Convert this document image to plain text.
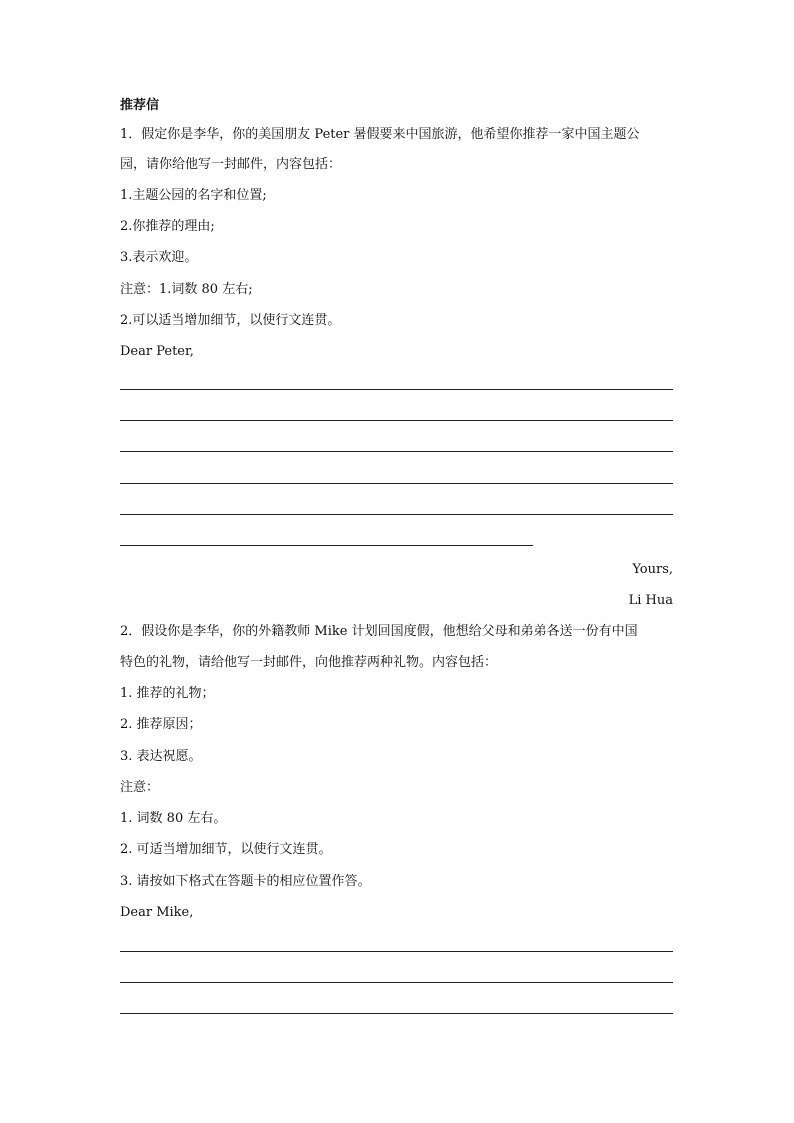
推荐信
1．假定你是李华，你的美国朋友 Peter 暑假要来中国旅游，他希望你推荐一家中国主题公
园，请你给他写一封邮件，内容包括：
1.主题公园的名字和位置;
2.你推荐的理由;
3.表示欢迎。
注意：1.词数 80 左右;
2.可以适当增加细节，以使行文连贯。
Dear Peter,
Yours,
Li Hua
2．假设你是李华，你的外籍教师 Mike 计划回国度假，他想给父母和弟弟各送一份有中国
特色的礼物，请给他写一封邮件，向他推荐两种礼物。内容包括：
1. 推荐的礼物；
2. 推荐原因；
3. 表达祝愿。
注意：
1. 词数 80 左右。
2. 可适当增加细节，以使行文连贯。
3. 请按如下格式在答题卡的相应位置作答。
Dear Mike,
